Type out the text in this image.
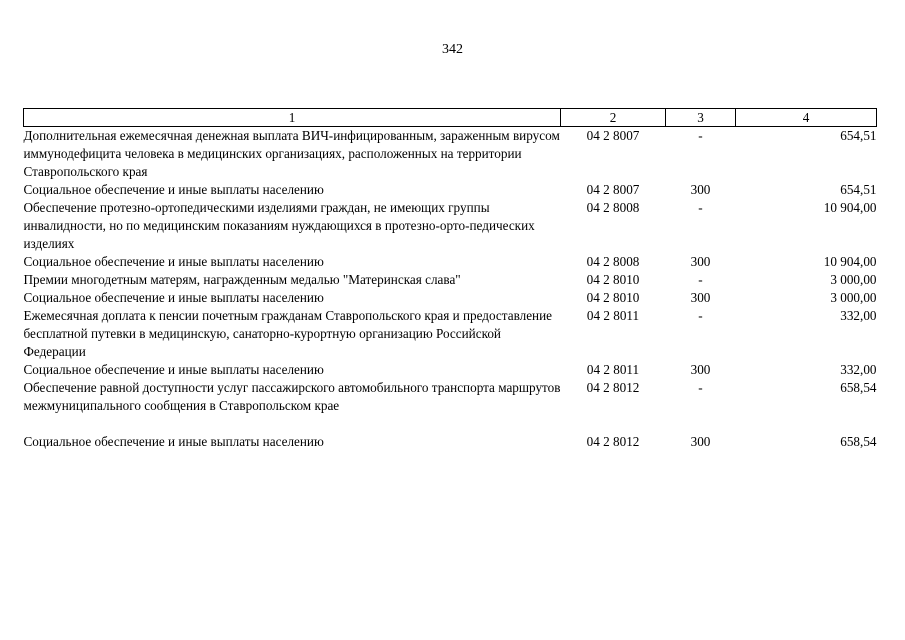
342
1	2	3	4
Дополнительная ежемесячная денежная выплата ВИЧ-инфицированным, зараженным вирусом иммунодефицита человека в медицинских организациях, расположенных на территории Ставропольского края	04 2 8007	-	654,51
Социальное обеспечение и иные выплаты населению	04 2 8007	300	654,51
Обеспечение протезно-ортопедическими изделиями граждан, не имеющих группы инвалидности, но по медицинским показаниям нуждающихся в протезно-орто-педических изделиях	04 2 8008	-	10 904,00
Социальное обеспечение и иные выплаты населению	04 2 8008	300	10 904,00
Премии многодетным матерям, награжденным медалью "Материнская слава"	04 2 8010	-	3 000,00
Социальное обеспечение и иные выплаты населению	04 2 8010	300	3 000,00
Ежемесячная доплата к пенсии почетным гражданам Ставропольского края и предоставление бесплатной путевки в медицинскую, санаторно-курортную организацию Российской Федерации	04 2 8011	-	332,00
Социальное обеспечение и иные выплаты населению	04 2 8011	300	332,00
Обеспечение равной доступности услуг пассажирского автомобильного транспорта маршрутов межмуниципального сообщения в Ставропольском крае	04 2 8012	-	658,54
Социальное обеспечение и иные выплаты населению	04 2 8012	300	658,54
